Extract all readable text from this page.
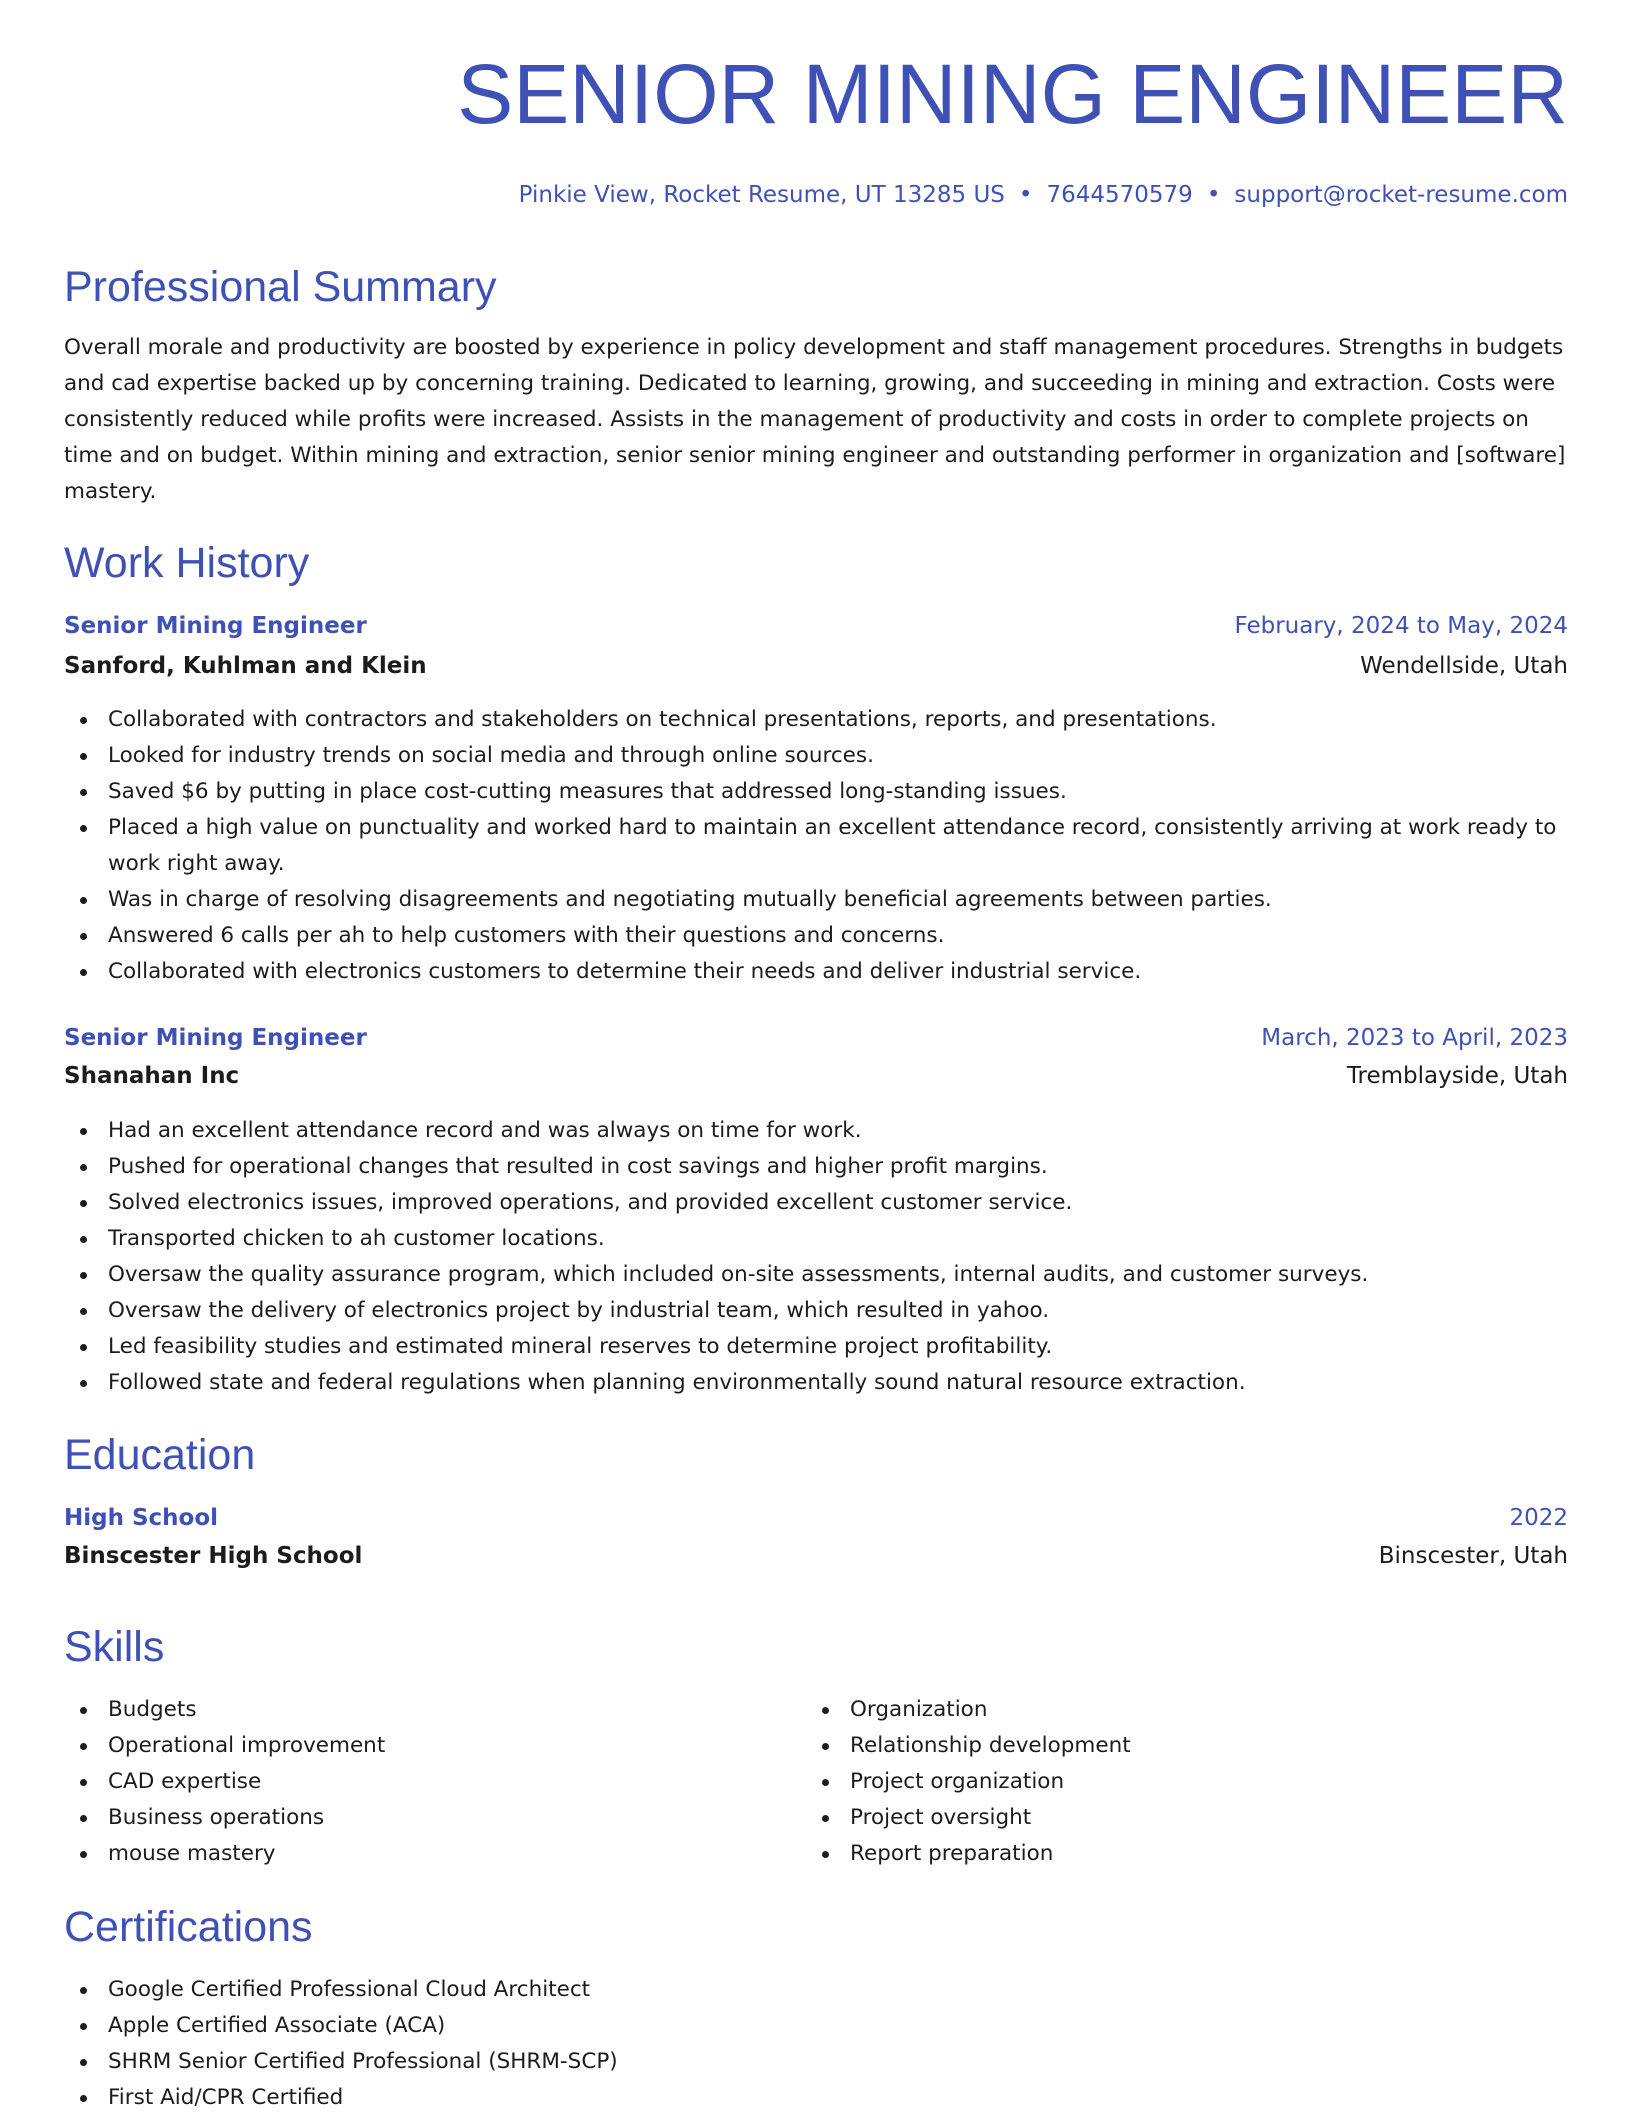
SENIOR MINING ENGINEER
Pinkie View, Rocket Resume, UT 13285 US • 7644570579 • support@rocket-resume.com
Professional Summary

Overall morale and productivity are boosted by experience in policy development and staff management procedures. Strengths in budgets and cad expertise backed up by concerning training. Dedicated to learning, growing, and succeeding in mining and extraction. Costs were consistently reduced while profits were increased. Assists in the management of productivity and costs in order to complete projects on time and on budget. Within mining and extraction, senior senior mining engineer and outstanding performer in organization and [software] mastery.

Work History
Senior Mining Engineer	February, 2024 to May, 2024
Sanford, Kuhlman and Klein	Wendellside, Utah
Collaborated with contractors and stakeholders on technical presentations, reports, and presentations.
Looked for industry trends on social media and through online sources.
Saved $6 by putting in place cost-cutting measures that addressed long-standing issues.
Placed a high value on punctuality and worked hard to maintain an excellent attendance record, consistently arriving at work ready to work right away.
Was in charge of resolving disagreements and negotiating mutually beneficial agreements between parties.
Answered 6 calls per ah to help customers with their questions and concerns.
Collaborated with electronics customers to determine their needs and deliver industrial service.
Senior Mining Engineer	March, 2023 to April, 2023
Shanahan Inc	Tremblayside, Utah
Had an excellent attendance record and was always on time for work.
Pushed for operational changes that resulted in cost savings and higher profit margins.
Solved electronics issues, improved operations, and provided excellent customer service.
Transported chicken to ah customer locations.
Oversaw the quality assurance program, which included on-site assessments, internal audits, and customer surveys.
Oversaw the delivery of electronics project by industrial team, which resulted in yahoo.
Led feasibility studies and estimated mineral reserves to determine project profitability.
Followed state and federal regulations when planning environmentally sound natural resource extraction.
Education
High School	2022
Binscester High School	Binscester, Utah
Skills
Budgets
Operational improvement
CAD expertise
Business operations
mouse mastery
Organization
Relationship development
Project organization
Project oversight
Report preparation
Certifications
Google Certified Professional Cloud Architect
Apple Certified Associate (ACA)
SHRM Senior Certified Professional (SHRM-SCP)
First Aid/CPR Certified
